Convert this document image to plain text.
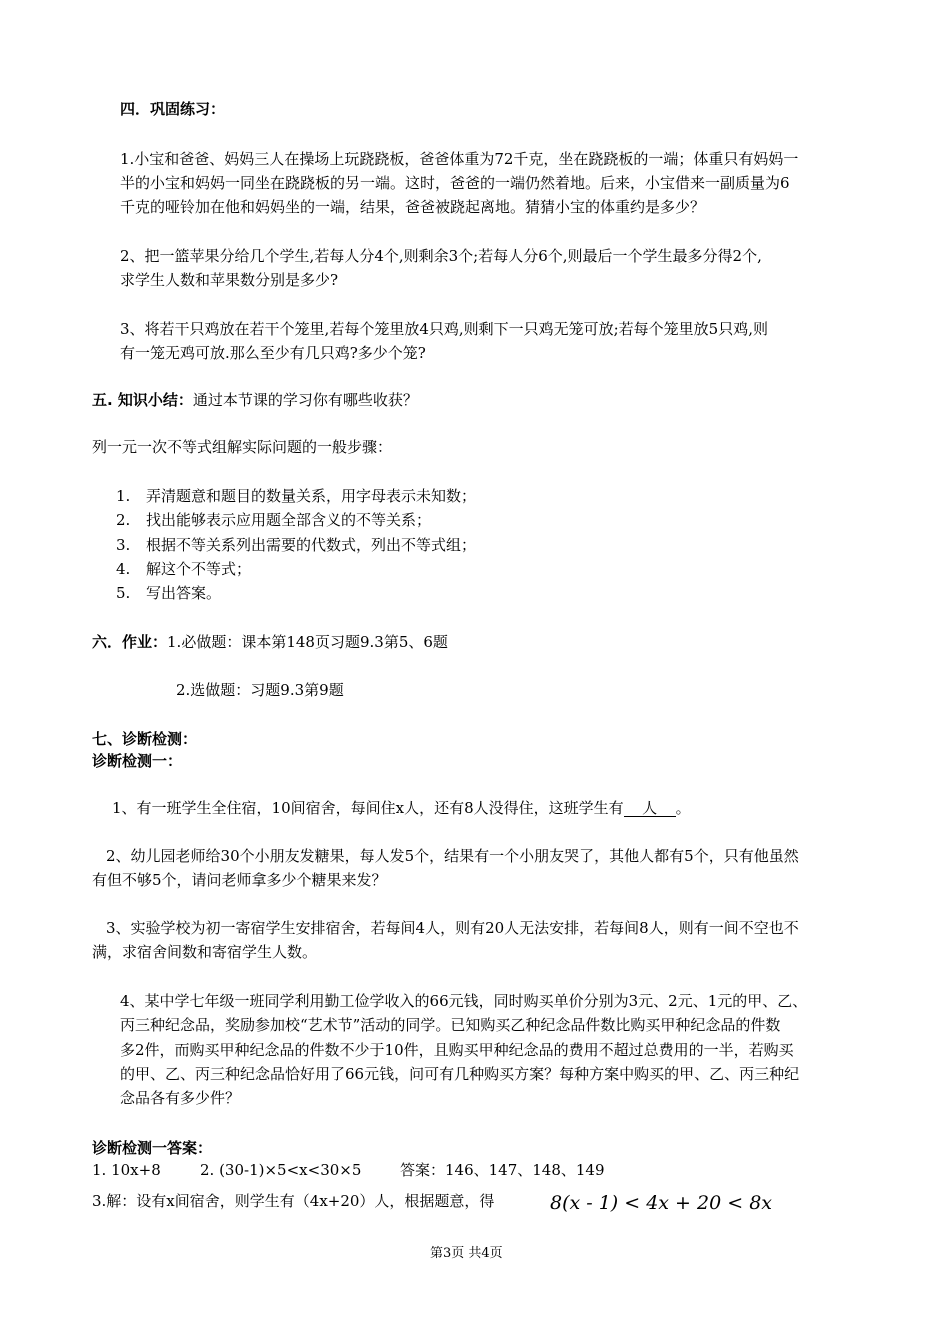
四．巩固练习：
1.小宝和爸爸、妈妈三人在操场上玩跷跷板，爸爸体重为72千克，坐在跷跷板的一端；体重只有妈妈一
半的小宝和妈妈一同坐在跷跷板的另一端。这时，爸爸的一端仍然着地。后来，小宝借来一副质量为6
千克的哑铃加在他和妈妈坐的一端，结果，爸爸被跷起离地。猜猜小宝的体重约是多少？
2、把一篮苹果分给几个学生,若每人分4个,则剩余3个;若每人分6个,则最后一个学生最多分得2个,
求学生人数和苹果数分别是多少?
3、将若干只鸡放在若干个笼里,若每个笼里放4只鸡,则剩下一只鸡无笼可放;若每个笼里放5只鸡,则
有一笼无鸡可放.那么至少有几只鸡?多少个笼?
五. 知识小结：通过本节课的学习你有哪些收获？
列一元一次不等式组解实际问题的一般步骤：
1. 弄清题意和题目的数量关系，用字母表示未知数；
2. 找出能够表示应用题全部含义的不等关系；
3. 根据不等关系列出需要的代数式，列出不等式组；
4. 解这个不等式；
5. 写出答案。
六．作业：1.必做题：课本第148页习题9.3第5、6题
2.选做题：习题9.3第9题
七、诊断检测：
诊断检测一：
1、有一班学生全住宿，10间宿舍，每间住x人，还有8人没得住，这班学生有 人 。
2、幼儿园老师给30个小朋友发糖果，每人发5个，结果有一个小朋友哭了，其他人都有5个，只有他虽然
有但不够5个，请问老师拿多少个糖果来发？
3、实验学校为初一寄宿学生安排宿舍，若每间4人，则有20人无法安排，若每间8人，则有一间不空也不
满，求宿舍间数和寄宿学生人数。
4、某中学七年级一班同学利用勤工俭学收入的66元钱，同时购买单价分别为3元、2元、1元的甲、乙、
丙三种纪念品，奖励参加校“艺术节”活动的同学。已知购买乙种纪念品件数比购买甲种纪念品的件数
多2件，而购买甲种纪念品的件数不少于10件，且购买甲种纪念品的费用不超过总费用的一半，若购买
的甲、乙、丙三种纪念品恰好用了66元钱，问可有几种购买方案？每种方案中购买的甲、乙、丙三种纪
念品各有多少件？
诊断检测一答案：
1. 10x+8	2. (30-1)×5<x<30×5	答案：146、147、148、149
3.解：设有x间宿舍，则学生有（4x+20）人，根据题意，得	8(x - 1) < 4x + 20 < 8x
第3页 共4页
